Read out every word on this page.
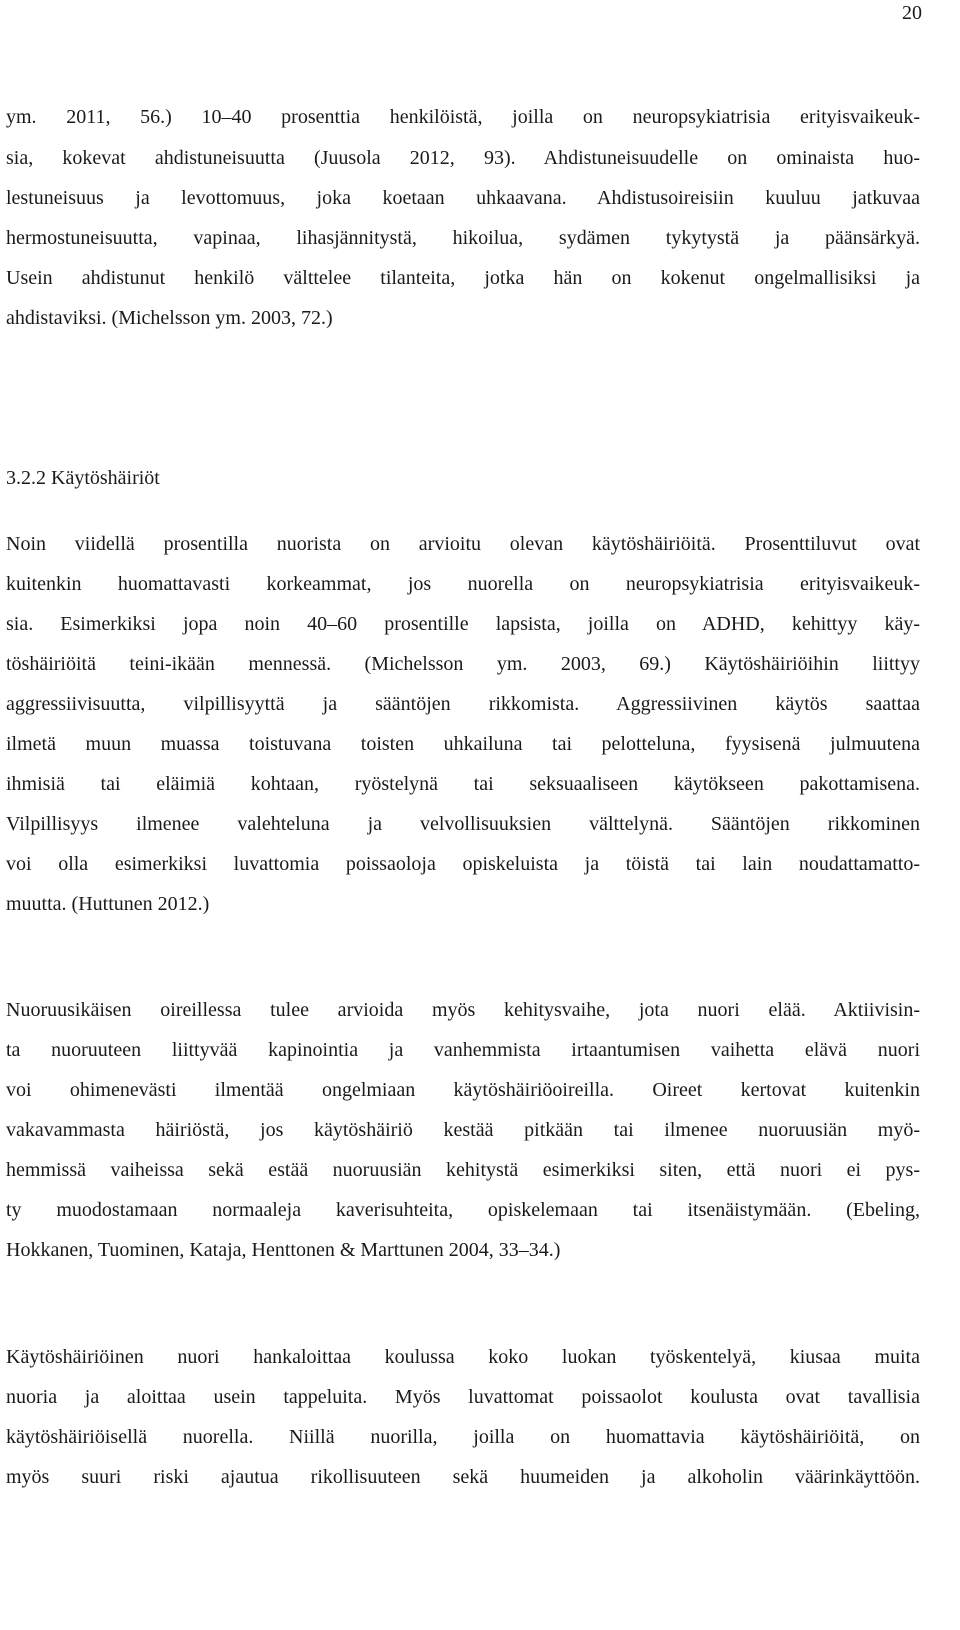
20
ym. 2011, 56.) 10–40 prosenttia henkilöistä, joilla on neuropsykiatrisia erityisvaikeuk-
sia, kokevat ahdistuneisuutta (Juusola 2012, 93). Ahdistuneisuudelle on ominaista huo-
lestuneisuus ja levottomuus, joka koetaan uhkaavana. Ahdistusoireisiin kuuluu jatkuvaa
hermostuneisuutta, vapinaa, lihasjännitystä, hikoilua, sydämen tykytystä ja päänsärkyä.
Usein ahdistunut henkilö välttelee tilanteita, jotka hän on kokenut ongelmallisiksi ja
ahdistaviksi. (Michelsson ym. 2003, 72.)
3.2.2 Käytöshäiriöt
Noin viidellä prosentilla nuorista on arvioitu olevan käytöshäiriöitä. Prosenttiluvut ovat
kuitenkin huomattavasti korkeammat, jos nuorella on neuropsykiatrisia erityisvaikeuk-
sia. Esimerkiksi jopa noin 40–60 prosentille lapsista, joilla on ADHD, kehittyy käy-
töshäiriöitä teini-ikään mennessä. (Michelsson ym. 2003, 69.) Käytöshäiriöihin liittyy
aggressiivisuutta, vilpillisyyttä ja sääntöjen rikkomista. Aggressiivinen käytös saattaa
ilmetä muun muassa toistuvana toisten uhkailuna tai pelotteluna, fyysisenä julmuutena
ihmisiä tai eläimiä kohtaan, ryöstelynä tai seksuaaliseen käytökseen pakottamisena.
Vilpillisyys ilmenee valehteluna ja velvollisuuksien välttelynä. Sääntöjen rikkominen
voi olla esimerkiksi luvattomia poissaoloja opiskeluista ja töistä tai lain noudattamatto-
muutta. (Huttunen 2012.)
Nuoruusikäisen oireillessa tulee arvioida myös kehitysvaihe, jota nuori elää. Aktiivisin-
ta nuoruuteen liittyvää kapinointia ja vanhemmista irtaantumisen vaihetta elävä nuori
voi ohimenevästi ilmentää ongelmiaan käytöshäiriöoireilla. Oireet kertovat kuitenkin
vakavammasta häiriöstä, jos käytöshäiriö kestää pitkään tai ilmenee nuoruusiän myö-
hemmissä vaiheissa sekä estää nuoruusiän kehitystä esimerkiksi siten, että nuori ei pys-
ty muodostamaan normaaleja kaverisuhteita, opiskelemaan tai itsenäistymään. (Ebeling,
Hokkanen, Tuominen, Kataja, Henttonen & Marttunen 2004, 33–34.)
Käytöshäiriöinen nuori hankaloittaa koulussa koko luokan työskentelyä, kiusaa muita
nuoria ja aloittaa usein tappeluita. Myös luvattomat poissaolot koulusta ovat tavallisia
käytöshäiriöisellä nuorella. Niillä nuorilla, joilla on huomattavia käytöshäiriöitä, on
myös suuri riski ajautua rikollisuuteen sekä huumeiden ja alkoholin väärinkäyttöön.
